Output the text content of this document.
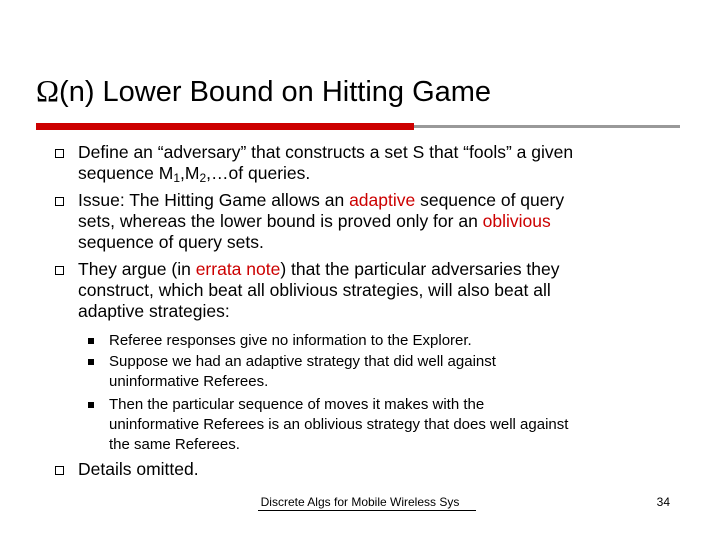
Ω(n) Lower Bound on Hitting Game
Define an “adversary” that constructs a set S that “fools” a given
sequence $M_1,M_2,\dots of$ queries.
Issue: The Hitting Game allows an adaptive sequence of query
sets, whereas the lower bound is proved only for an oblivious
sequence of query sets.
They argue (in errata note) that the particular adversaries they
construct, which beat all oblivious strategies, will also beat all
adaptive strategies:
Referee responses give no information to the Explorer.
Suppose we had an adaptive strategy that did well against
uninformative Referees.
Then the particular sequence of moves it makes with the
uninformative Referees is an oblivious strategy that does well against
the same Referees.
Details omitted.
Discrete Algs for Mobile Wireless Sys	34
